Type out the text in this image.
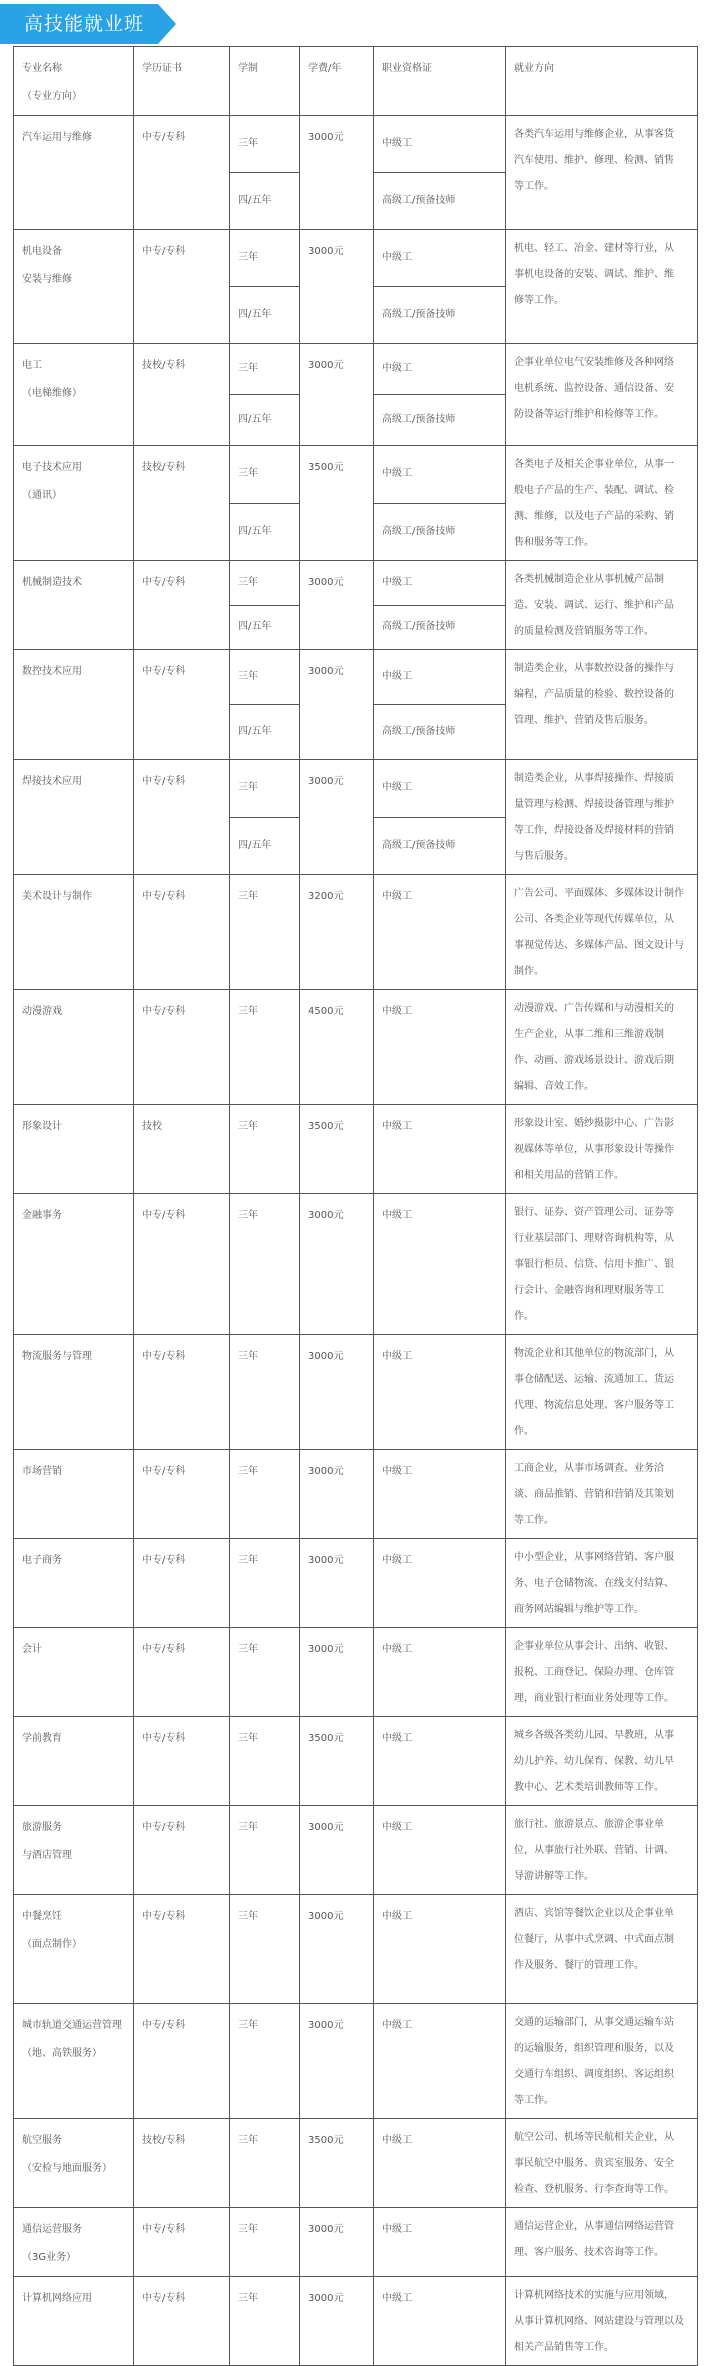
高技能就业班
专业名称
（专业方向）	学历证书	学制	学费/年	职业资格证	就业方向

汽车运用与维修	中专/专科	三年	3000元	中级工	各类汽车运用与维修企业，从事客货
汽车使用、维护、修理、检测、销售
等工作。

		四/五年		高级工/预备技师	

机电设备
安装与维修	中专/专科	三年	3000元	中级工	机电、轻工、冶金、建材等行业，从
事机电设备的安装、调试、维护、维
修等工作。

		四/五年		高级工/预备技师	

电工
（电梯维修）	技校/专科	三年	3000元	中级工	企事业单位电气安装维修及各种网络
电机系统、监控设备、通信设备、安
防设备等运行维护和检修等工作。

		四/五年		高级工/预备技师	

电子技术应用
（通讯）	技校/专科	三年	3500元	中级工	各类电子及相关企事业单位，从事一
般电子产品的生产、装配、调试、检
测、维修，以及电子产品的采购、销
售和服务等工作。

		四/五年		高级工/预备技师	

机械制造技术	中专/专科	三年	3000元	中级工	各类机械制造企业从事机械产品制
造、安装、调试、运行、维护和产品
的质量检测及营销服务等工作。

		四/五年		高级工/预备技师	

数控技术应用	中专/专科	三年	3000元	中级工	制造类企业，从事数控设备的操作与
编程，产品质量的检验、数控设备的
管理、维护、营销及售后服务。

		四/五年		高级工/预备技师	

焊接技术应用	中专/专科	三年	3000元	中级工	制造类企业，从事焊接操作、焊接质
量管理与检测、焊接设备管理与维护
等工作，焊接设备及焊接材料的营销
与售后服务。

		四/五年		高级工/预备技师	

美术设计与制作	中专/专科	三年	3200元	中级工	广告公司、平面媒体、多媒体设计制作
公司、各类企业等现代传媒单位，从
事视觉传达、多媒体产品、图文设计与
制作。

动漫游戏	中专/专科	三年	4500元	中级工	动漫游戏、广告传媒和与动漫相关的
生产企业，从事二维和三维游戏制
作、动画、游戏场景设计、游戏后期
编辑、音效工作。

形象设计	技校	三年	3500元	中级工	形象设计室、婚纱摄影中心、广告影
视媒体等单位，从事形象设计等操作
和相关用品的营销工作。

金融事务	中专/专科	三年	3000元	中级工	银行、证券、资产管理公司、证券等
行业基层部门、理财咨询机构等，从
事银行柜员、信贷、信用卡推广、银
行会计、金融咨询和理财服务等工
作。

物流服务与管理	中专/专科	三年	3000元	中级工	物流企业和其他单位的物流部门，从
事仓储配送、运输、流通加工、货运
代理、物流信息处理、客户服务等工
作。

市场营销	中专/专科	三年	3000元	中级工	工商企业，从事市场调查、业务洽
谈、商品推销、营销和营销及其策划
等工作。

电子商务	中专/专科	三年	3000元	中级工	中小型企业，从事网络营销、客户服
务、电子仓储物流、在线支付结算、
商务网站编辑与维护等工作。

会计	中专/专科	三年	3000元	中级工	企事业单位从事会计、出纳、收银、
报税、工商登记、保险办理、仓库管
理，商业银行柜面业务处理等工作。

学前教育	中专/专科	三年	3500元	中级工	城乡各级各类幼儿园、早教班，从事
幼儿护养、幼儿保育、保教、幼儿早
教中心、艺术类培训教师等工作。

旅游服务
与酒店管理	中专/专科	三年	3000元	中级工	旅行社、旅游景点、旅游企事业单
位，从事旅行社外联、营销、计调、
导游讲解等工作。

中餐烹饪
（面点制作）	中专/专科	三年	3000元	中级工	酒店、宾馆等餐饮企业以及企事业单
位餐厅，从事中式烹调、中式面点制
作及服务、餐厅的管理工作。

城市轨道交通运营管理
（地、高铁服务）	中专/专科	三年	3000元	中级工	交通的运输部门，从事交通运输车站
的运输服务，组织管理和服务，以及
交通行车组织、调度组织、客运组织
等工作。

航空服务
（安检与地面服务）	技校/专科	三年	3500元	中级工	航空公司、机场等民航相关企业，从
事民航空中服务、贵宾室服务、安全
检查、登机服务、行李查询等工作。

通信运营服务
（3G业务）	中专/专科	三年	3000元	中级工	通信运营企业，从事通信网络运营管
理、客户服务、技术咨询等工作。

计算机网络应用	中专/专科	三年	3000元	中级工	计算机网络技术的实施与应用领域，
从事计算机网络、网站建设与管理以及
相关产品销售等工作。
